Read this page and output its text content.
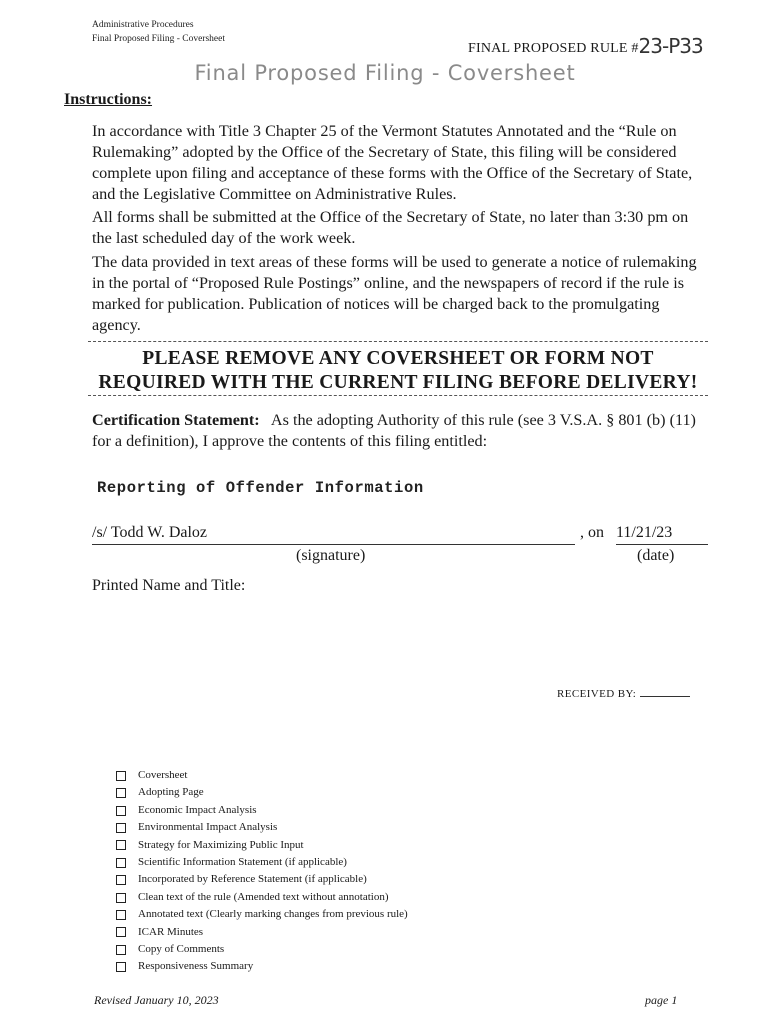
Administrative Procedures
Final Proposed Filing - Coversheet
FINAL PROPOSED RULE #23-P33
Final Proposed Filing - Coversheet
Instructions:
In accordance with Title 3 Chapter 25 of the Vermont Statutes Annotated and the “Rule on Rulemaking” adopted by the Office of the Secretary of State, this filing will be considered complete upon filing and acceptance of these forms with the Office of the Secretary of State, and the Legislative Committee on Administrative Rules.
All forms shall be submitted at the Office of the Secretary of State, no later than 3:30 pm on the last scheduled day of the work week.
The data provided in text areas of these forms will be used to generate a notice of rulemaking in the portal of “Proposed Rule Postings” online, and the newspapers of record if the rule is marked for publication. Publication of notices will be charged back to the promulgating agency.
PLEASE REMOVE ANY COVERSHEET OR FORM NOT REQUIRED WITH THE CURRENT FILING BEFORE DELIVERY!
Certification Statement: As the adopting Authority of this rule (see 3 V.S.A. § 801 (b) (11) for a definition), I approve the contents of this filing entitled:
Reporting of Offender Information
/s/ Todd W. Daloz	, on 11/21/23
(signature)	(date)
Printed Name and Title:
RECEIVED BY:
Coversheet
Adopting Page
Economic Impact Analysis
Environmental Impact Analysis
Strategy for Maximizing Public Input
Scientific Information Statement (if applicable)
Incorporated by Reference Statement (if applicable)
Clean text of the rule (Amended text without annotation)
Annotated text (Clearly marking changes from previous rule)
ICAR Minutes
Copy of Comments
Responsiveness Summary
Revised January 10, 2023	page 1
